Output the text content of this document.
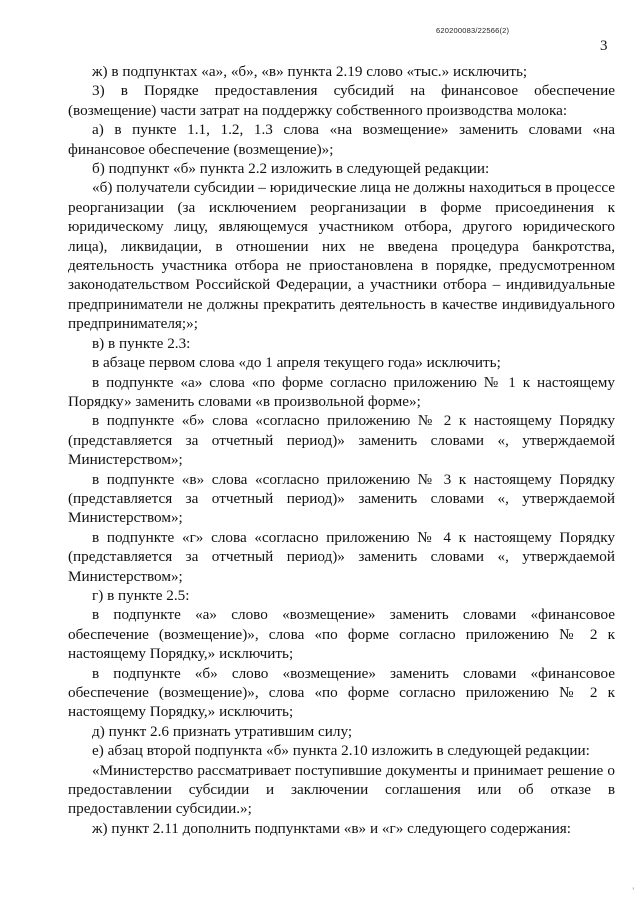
620200083/22566(2)
3

ж) в подпунктах «а», «б», «в» пункта 2.19 слово «тыс.» исключить;

3) в Порядке предоставления субсидий на финансовое обеспечение (возмещение) части затрат на поддержку собственного производства молока:

а) в пункте 1.1, 1.2, 1.3 слова «на возмещение» заменить словами «на финансовое обеспечение (возмещение)»;

б) подпункт «б» пункта 2.2 изложить в следующей редакции:

«б) получатели субсидии – юридические лица не должны находиться в процессе реорганизации (за исключением реорганизации в форме присоединения к юридическому лицу, являющемуся участником отбора, другого юридического лица), ликвидации, в отношении них не введена процедура банкротства, деятельность участника отбора не приостановлена в порядке, предусмотренном законодательством Российской Федерации, а участники отбора – индивидуальные предприниматели не должны прекратить деятельность в качестве индивидуального предпринимателя;»;

в) в пункте 2.3:

в абзаце первом слова «до 1 апреля текущего года» исключить;

в подпункте «а» слова «по форме согласно приложению № 1 к настоящему Порядку» заменить словами «в произвольной форме»;

в подпункте «б» слова «согласно приложению № 2 к настоящему Порядку (представляется за отчетный период)» заменить словами «, утверждаемой Министерством»;

в подпункте «в» слова «согласно приложению № 3 к настоящему Порядку (представляется за отчетный период)» заменить словами «, утверждаемой Министерством»;

в подпункте «г» слова «согласно приложению № 4 к настоящему Порядку (представляется за отчетный период)» заменить словами «, утверждаемой Министерством»;

г) в пункте 2.5:

в подпункте «а» слово «возмещение» заменить словами «финансовое обеспечение (возмещение)», слова «по форме согласно приложению № 2 к настоящему Порядку,» исключить;

в подпункте «б» слово «возмещение» заменить словами «финансовое обеспечение (возмещение)», слова «по форме согласно приложению № 2 к настоящему Порядку,» исключить;

д) пункт 2.6 признать утратившим силу;

е) абзац второй подпункта «б» пункта 2.10 изложить в следующей редакции:

«Министерство рассматривает поступившие документы и принимает решение о предоставлении субсидии и заключении соглашения или об отказе в предоставлении субсидии.»;

ж) пункт 2.11 дополнить подпунктами «в» и «г» следующего содержания:

ᵌ
